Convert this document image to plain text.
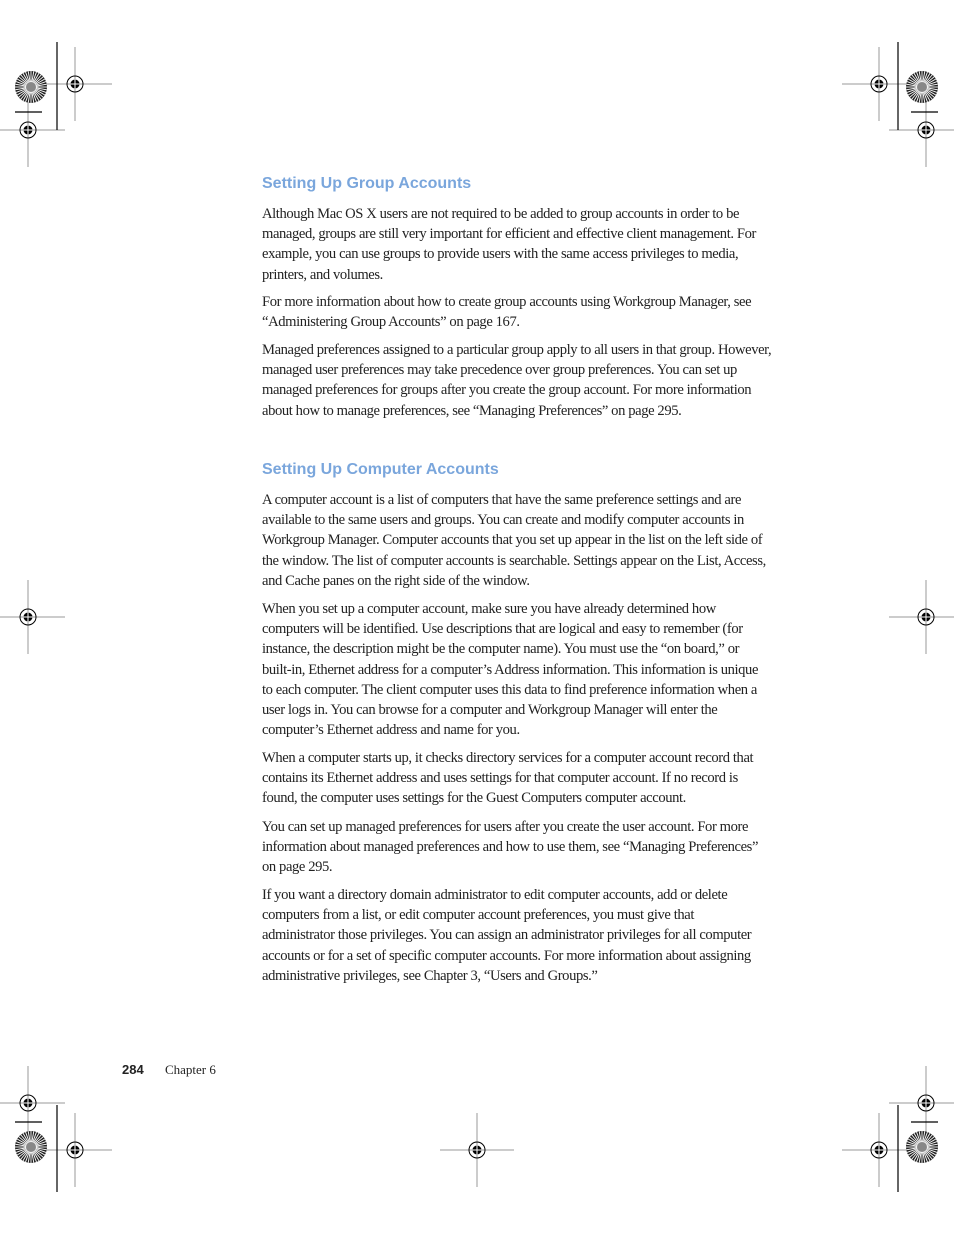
Setting Up Group Accounts
Although Mac OS X users are not required to be added to group accounts in order to be
managed, groups are still very important for efficient and effective client management. For
example, you can use groups to provide users with the same access privileges to media,
printers, and volumes.
For more information about how to create group accounts using Workgroup Manager, see
“Administering Group Accounts” on page 167.
Managed preferences assigned to a particular group apply to all users in that group. However,
managed user preferences may take precedence over group preferences. You can set up
managed preferences for groups after you create the group account. For more information
about how to manage preferences, see “Managing Preferences” on page 295.
Setting Up Computer Accounts
A computer account is a list of computers that have the same preference settings and are
available to the same users and groups. You can create and modify computer accounts in
Workgroup Manager. Computer accounts that you set up appear in the list on the left side of
the window. The list of computer accounts is searchable. Settings appear on the List, Access,
and Cache panes on the right side of the window.
When you set up a computer account, make sure you have already determined how
computers will be identified. Use descriptions that are logical and easy to remember (for
instance, the description might be the computer name). You must use the “on board,” or
built-in, Ethernet address for a computer’s Address information. This information is unique
to each computer. The client computer uses this data to find preference information when a
user logs in. You can browse for a computer and Workgroup Manager will enter the
computer’s Ethernet address and name for you.
When a computer starts up, it checks directory services for a computer account record that
contains its Ethernet address and uses settings for that computer account. If no record is
found, the computer uses settings for the Guest Computers computer account.
You can set up managed preferences for users after you create the user account. For more
information about managed preferences and how to use them, see “Managing Preferences”
on page 295.
If you want a directory domain administrator to edit computer accounts, add or delete
computers from a list, or edit computer account preferences, you must give that
administrator those privileges. You can assign an administrator privileges for all computer
accounts or for a set of specific computer accounts. For more information about assigning
administrative privileges, see Chapter 3, “Users and Groups.”
284 Chapter 6
